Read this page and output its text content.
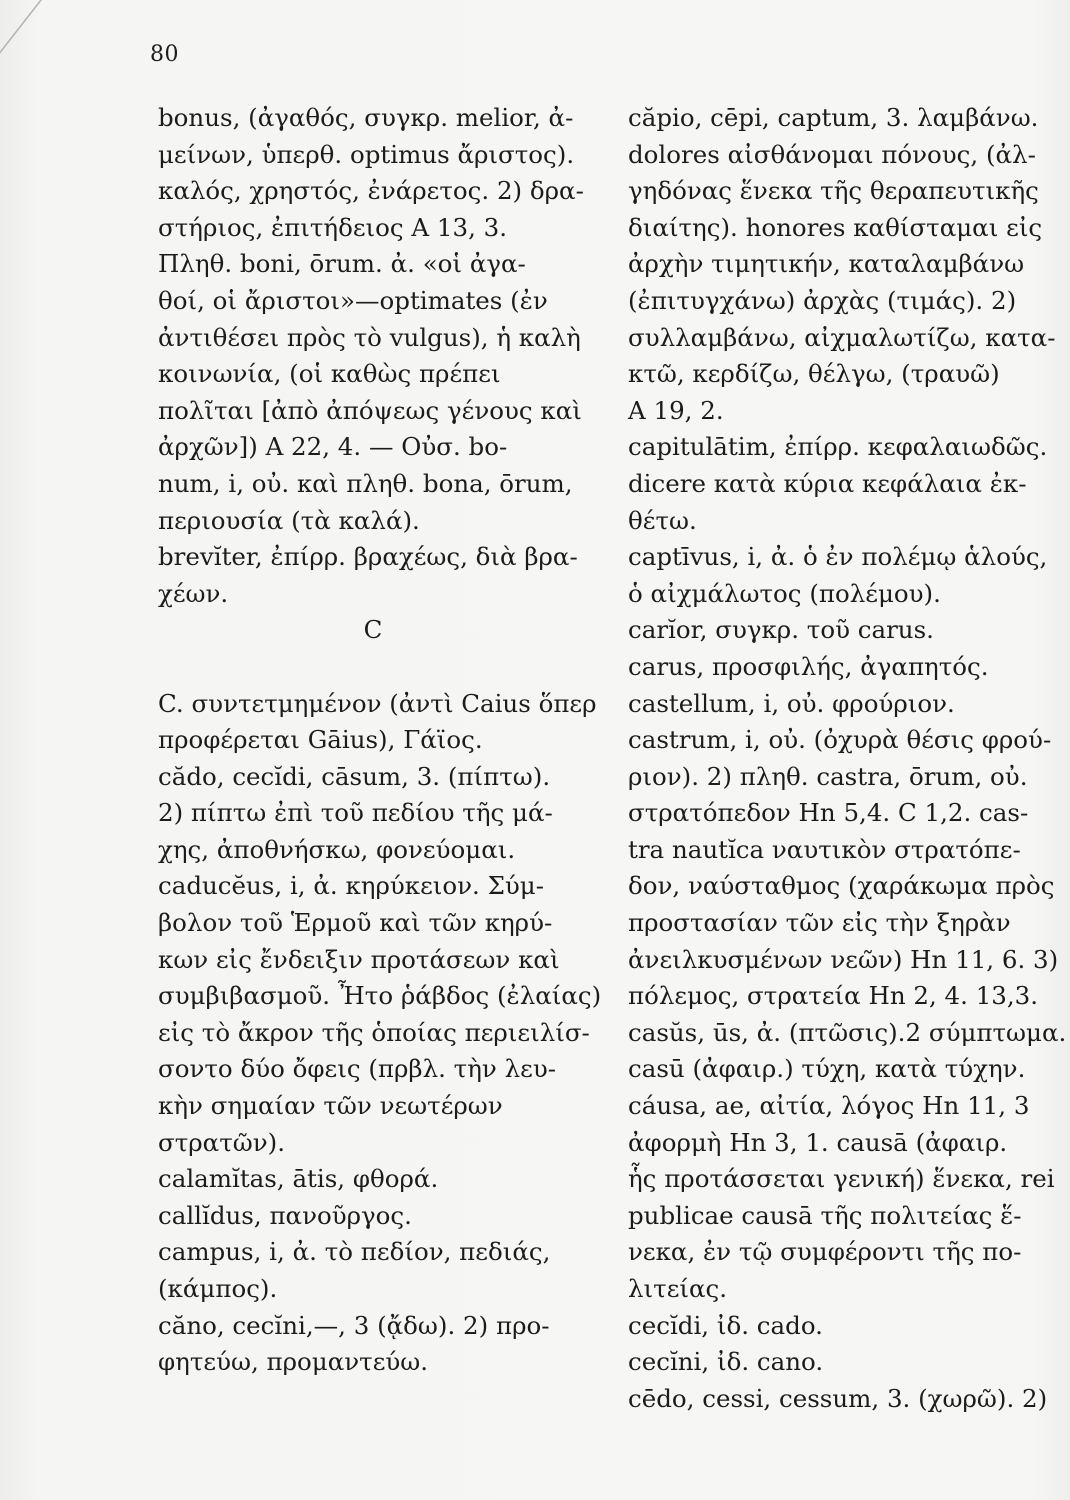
80
bonus, (ἀγαθός, συγκρ. melior, ἀ-
μείνων, ὑπερθ. optimus ἄριστος).
καλός, χρηστός, ἐνάρετος. 2) δρα-
στήριος, ἐπιτήδειος Α 13, 3.
Πληθ. boni, ōrum. ἀ. «οἱ ἀγα-
θοί, οἱ ἄριστοι»—optimates (ἐν
ἀντιθέσει πρὸς τὸ vulgus), ἡ καλὴ
κοινωνία, (οἱ καθὼς πρέπει
πολῖται [ἀπὸ ἀπόψεως γένους καὶ
ἀρχῶν]) Α 22, 4. — Οὐσ. bo-
num, i, οὐ. καὶ πληθ. bona, ōrum,
περιουσία (τὰ καλά).
brevĭter, ἐπίρρ. βραχέως, διὰ βρα-
χέων.
C
C. συντετμημένον (ἀντὶ Caius ὅπερ
προφέρεται Gāius), Γάϊος.
cădo, cecĭdi, cāsum, 3. (πίπτω).
2) πίπτω ἐπὶ τοῦ πεδίου τῆς μά-
χης, ἀποθνήσκω, φονεύομαι.
caducĕus, i, ἀ. κηρύκειον. Σύμ-
βολον τοῦ Ἑρμοῦ καὶ τῶν κηρύ-
κων εἰς ἔνδειξιν προτάσεων καὶ
συμβιβασμοῦ. Ἦτο ῥάβδος (ἐλαίας)
εἰς τὸ ἄκρον τῆς ὁποίας περιειλίσ-
σοντο δύο ὄφεις (πρβλ. τὴν λευ-
κὴν σημαίαν τῶν νεωτέρων
στρατῶν).
calamĭtas, ātis, φθορά.
callĭdus, πανοῦργος.
campus, i, ἀ. τὸ πεδίον, πεδιάς,
(κάμπος).
căno, cecĭni,—, 3 (ᾄδω). 2) προ-
φητεύω, προμαντεύω.
căpio, cēpi, captum, 3. λαμβάνω.
dolores αἰσθάνομαι πόνους, (ἀλ-
γηδόνας ἕνεκα τῆς θεραπευτικῆς
διαίτης). honores καθίσταμαι εἰς
ἀρχὴν τιμητικήν, καταλαμβάνω
(ἐπιτυγχάνω) ἀρχὰς (τιμάς). 2)
συλλαμβάνω, αἰχμαλωτίζω, κατα-
κτῶ, κερδίζω, θέλγω, (τραυῶ)
Α 19, 2.
capitulātim, ἐπίρρ. κεφαλαιωδῶς.
dicere κατὰ κύρια κεφάλαια ἐκ-
θέτω.
captīvus, i, ἀ. ὁ ἐν πολέμῳ ἁλούς,
ὁ αἰχμάλωτος (πολέμου).
carĭor, συγκρ. τοῦ carus.
carus, προσφιλής, ἀγαπητός.
castellum, i, οὐ. φρούριον.
castrum, i, οὐ. (ὀχυρὰ θέσις φρού-
ριον). 2) πληθ. castra, ōrum, οὐ.
στρατόπεδον Ηn 5,4. C 1,2. cas-
tra nautĭca ναυτικὸν στρατόπε-
δον, ναύσταθμος (χαράκωμα πρὸς
προστασίαν τῶν εἰς τὴν ξηρὰν
ἀνειλκυσμένων νεῶν) Ηn 11, 6. 3)
πόλεμος, στρατεία Ηn 2, 4. 13,3.
casŭs, ūs, ἀ. (πτῶσις).2 σύμπτωμα.
casū (ἀφαιρ.) τύχη, κατὰ τύχην.
cáusa, ae, αἰτία, λόγος Ηn 11, 3
ἀφορμὴ Ηn 3, 1. causā (ἀφαιρ.
ἧς προτάσσεται γενική) ἕνεκα, rei
publicae causā τῆς πολιτείας ἕ-
νεκα, ἐν τῷ συμφέροντι τῆς πο-
λιτείας.
cecĭdi, ἰδ. cado.
cecĭni, ἰδ. cano.
cēdo, cessi, cessum, 3. (χωρῶ). 2)
